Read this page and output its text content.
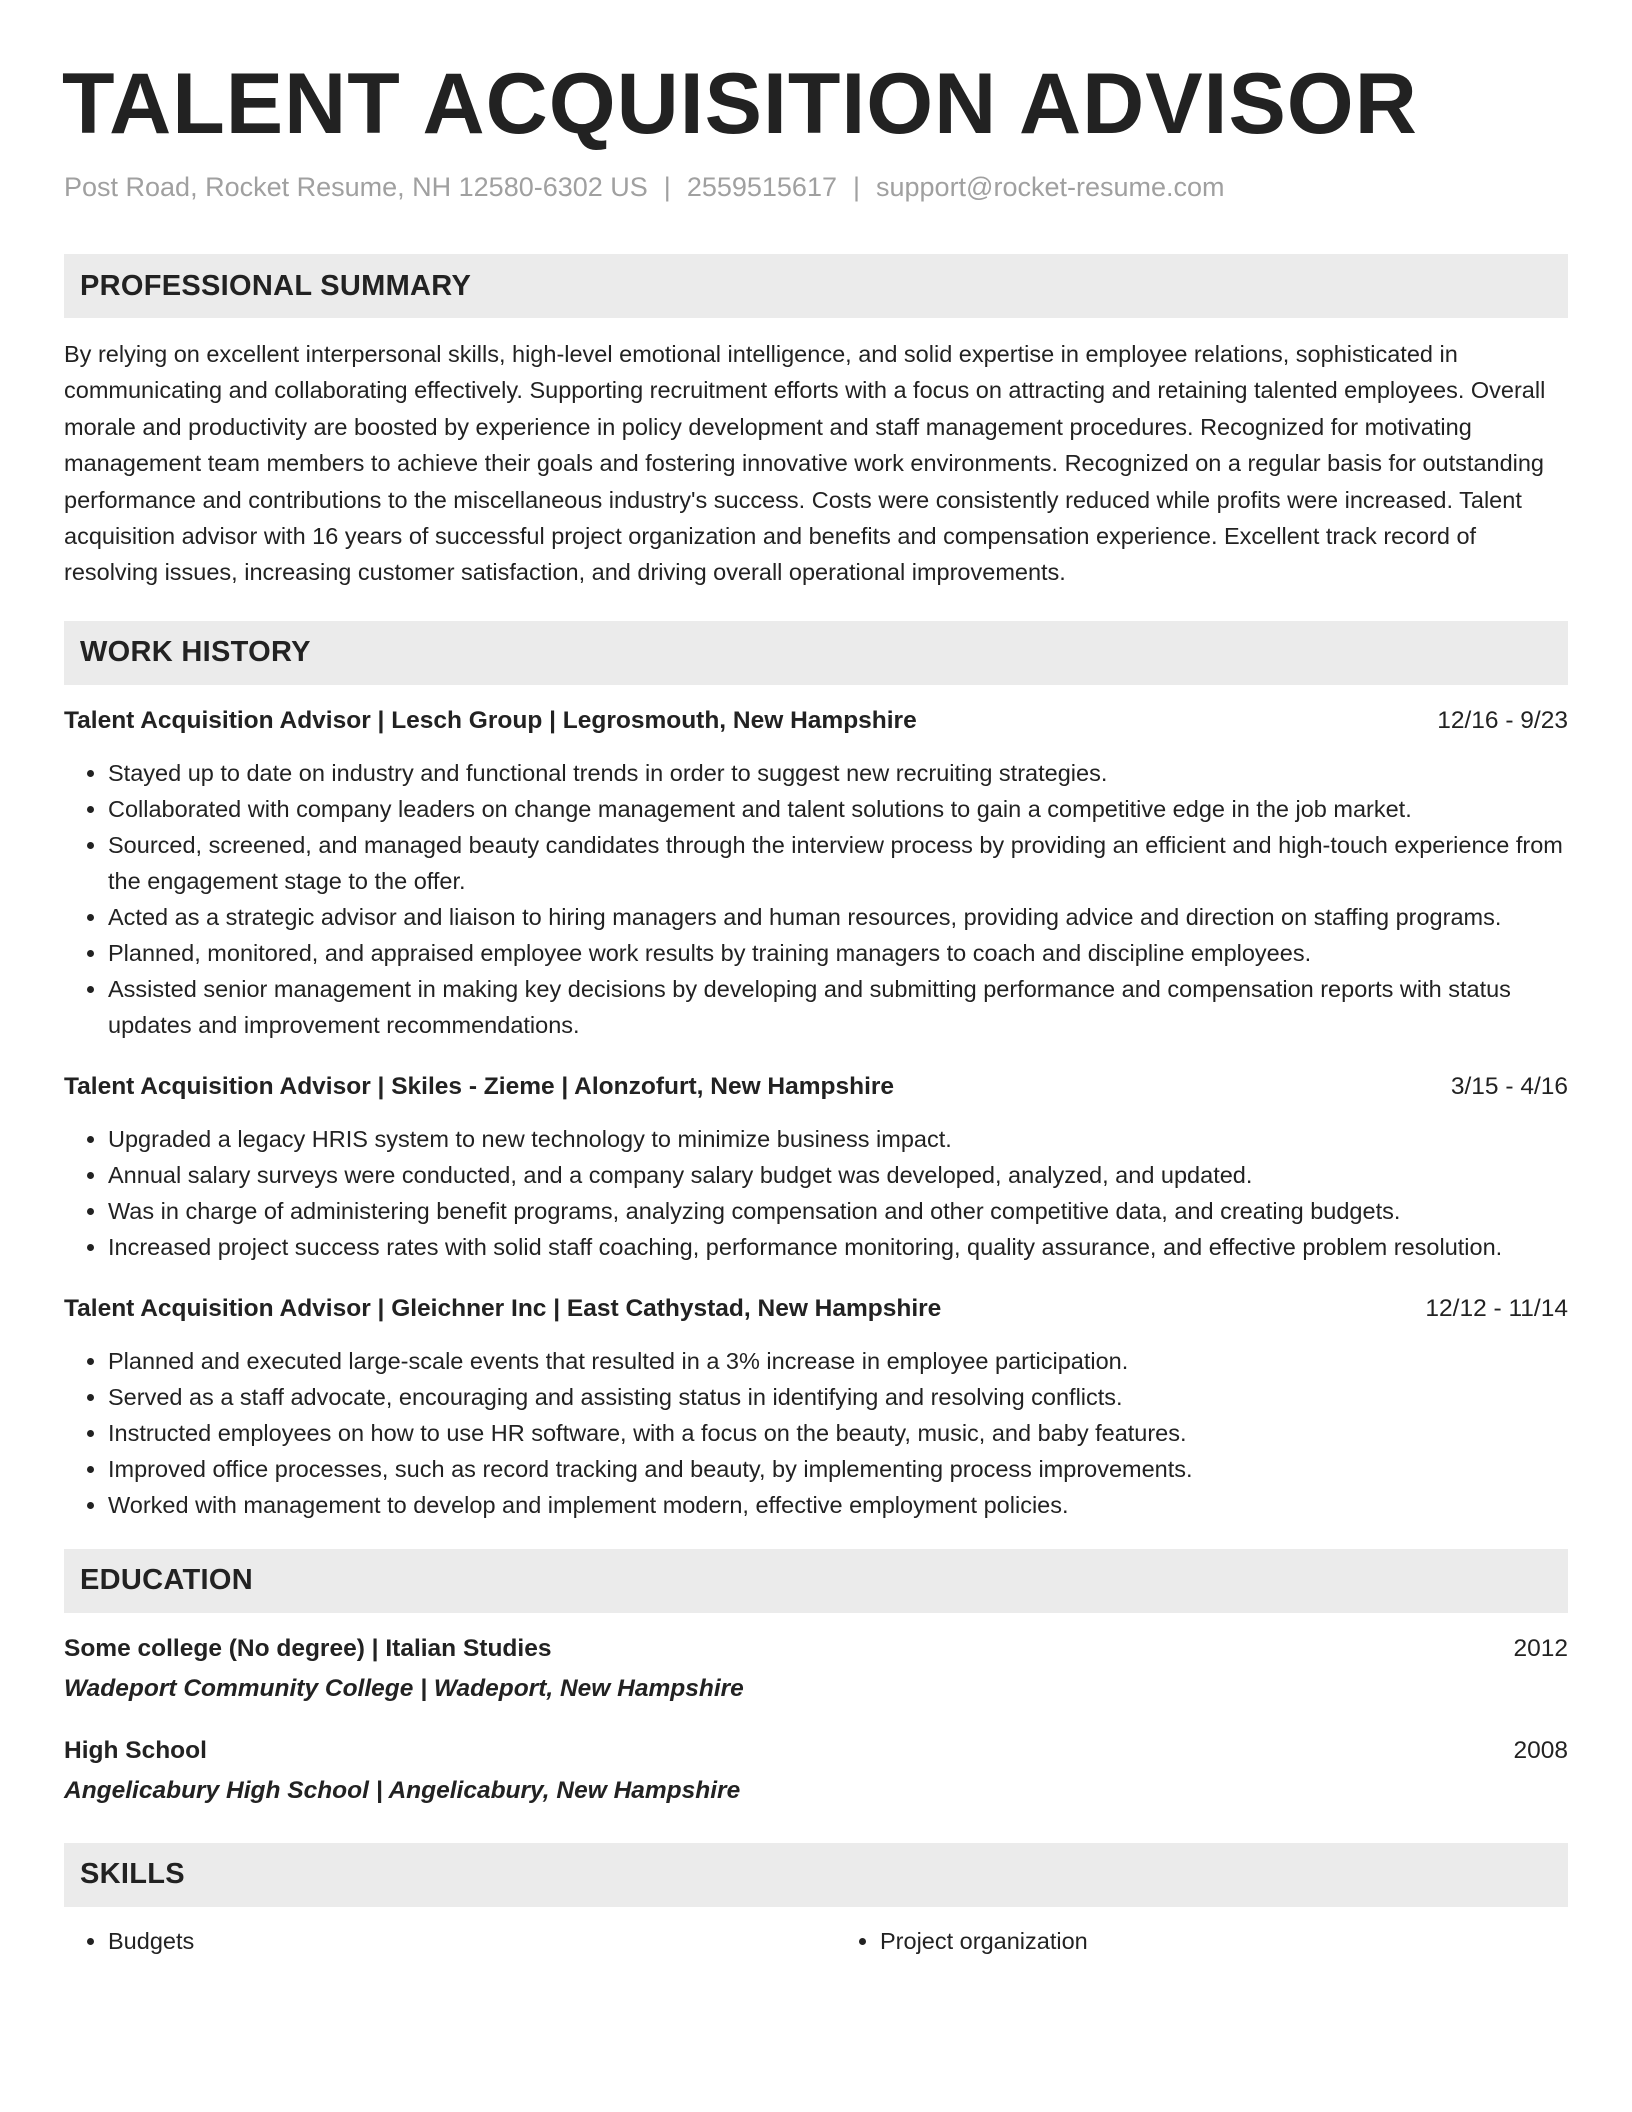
TALENT ACQUISITION ADVISOR
Post Road, Rocket Resume, NH 12580-6302 US | 2559515617 | support@rocket-resume.com
PROFESSIONAL SUMMARY

By relying on excellent interpersonal skills, high-level emotional intelligence, and solid expertise in employee relations, sophisticated in communicating and collaborating effectively. Supporting recruitment efforts with a focus on attracting and retaining talented employees. Overall morale and productivity are boosted by experience in policy development and staff management procedures. Recognized for motivating management team members to achieve their goals and fostering innovative work environments. Recognized on a regular basis for outstanding performance and contributions to the miscellaneous industry's success. Costs were consistently reduced while profits were increased. Talent acquisition advisor with 16 years of successful project organization and benefits and compensation experience. Excellent track record of resolving issues, increasing customer satisfaction, and driving overall operational improvements.

WORK HISTORY
Talent Acquisition Advisor | Lesch Group | Legrosmouth, New Hampshire	12/16 - 9/23
• Stayed up to date on industry and functional trends in order to suggest new recruiting strategies.
• Collaborated with company leaders on change management and talent solutions to gain a competitive edge in the job market.
• Sourced, screened, and managed beauty candidates through the interview process by providing an efficient and high-touch experience from the engagement stage to the offer.
• Acted as a strategic advisor and liaison to hiring managers and human resources, providing advice and direction on staffing programs.
• Planned, monitored, and appraised employee work results by training managers to coach and discipline employees.
• Assisted senior management in making key decisions by developing and submitting performance and compensation reports with status updates and improvement recommendations.
Talent Acquisition Advisor | Skiles - Zieme | Alonzofurt, New Hampshire	3/15 - 4/16
• Upgraded a legacy HRIS system to new technology to minimize business impact.
• Annual salary surveys were conducted, and a company salary budget was developed, analyzed, and updated.
• Was in charge of administering benefit programs, analyzing compensation and other competitive data, and creating budgets.
• Increased project success rates with solid staff coaching, performance monitoring, quality assurance, and effective problem resolution.
Talent Acquisition Advisor | Gleichner Inc | East Cathystad, New Hampshire	12/12 - 11/14
• Planned and executed large-scale events that resulted in a 3% increase in employee participation.
• Served as a staff advocate, encouraging and assisting status in identifying and resolving conflicts.
• Instructed employees on how to use HR software, with a focus on the beauty, music, and baby features.
• Improved office processes, such as record tracking and beauty, by implementing process improvements.
• Worked with management to develop and implement modern, effective employment policies.
EDUCATION
Some college (No degree) | Italian Studies	2012
Wadeport Community College | Wadeport, New Hampshire
High School	2008
Angelicabury High School | Angelicabury, New Hampshire
SKILLS
• Budgets
•	Project organization
